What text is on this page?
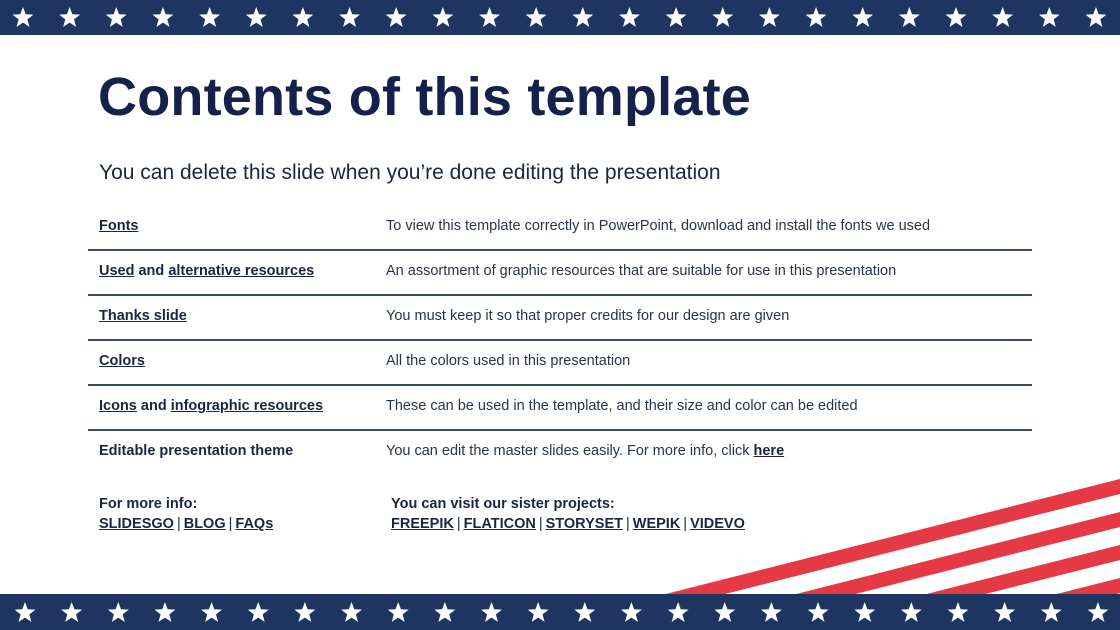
Contents of this template
You can delete this slide when you’re done editing the presentation
Fonts	To view this template correctly in PowerPoint, download and install the fonts we used
Used and alternative resources	An assortment of graphic resources that are suitable for use in this presentation
Thanks slide	You must keep it so that proper credits for our design are given
Colors	All the colors used in this presentation
Icons and infographic resources	These can be used in the template, and their size and color can be edited
Editable presentation theme	You can edit the master slides easily. For more info, click here
For more info:
SLIDESGO | BLOG | FAQs
You can visit our sister projects:
FREEPIK | FLATICON | STORYSET | WEPIK | VIDEVO
